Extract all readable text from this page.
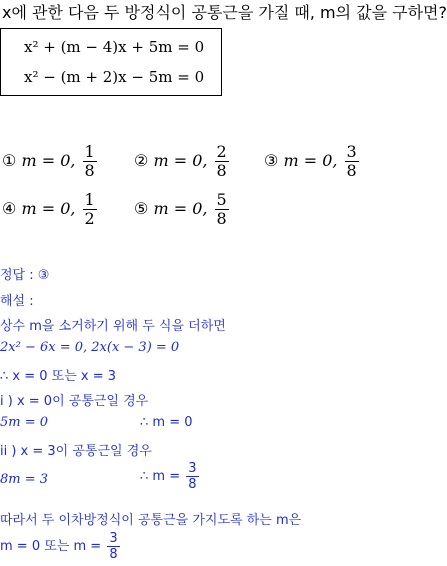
x에 관한 다음 두 방정식이 공통근을 가질 때, m의 값을 구하면?
x² + (m − 4)x + 5m = 0
x² − (m + 2)x − 5m = 0
① m = 0, $\frac{1}{8}$ ② m = 0, $\frac{2}{8}$ ③ m = 0, $\frac{3}{8}$
④ m = 0, $\frac{1}{2}$ ⑤ m = 0, $\frac{5}{8}$
정답 : ③
해설 :
상수 m을 소거하기 위해 두 식을 더하면
2x² − 6x = 0, 2x(x − 3) = 0
∴ x = 0 또는 x = 3
i ) x = 0이 공통근일 경우
5m = 0	∴ m = 0
ii ) x = 3이 공통근일 경우
8m = 3	∴ $m = \frac{3}{8}$
따라서 두 이차방정식이 공통근을 가지도록 하는 m은
m = 0 또는 $m = \frac{3}{8}$
